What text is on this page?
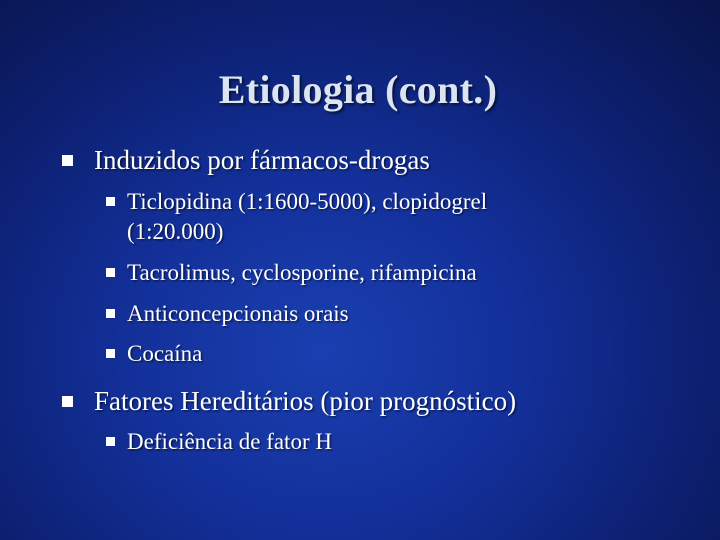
Etiologia (cont.)
Induzidos por fármacos-drogas
Ticlopidina (1:1600-5000), clopidogrel
(1:20.000)
Tacrolimus, cyclosporine, rifampicina
Anticoncepcionais orais
Cocaína
Fatores Hereditários (pior prognóstico)
Deficiência de fator H
